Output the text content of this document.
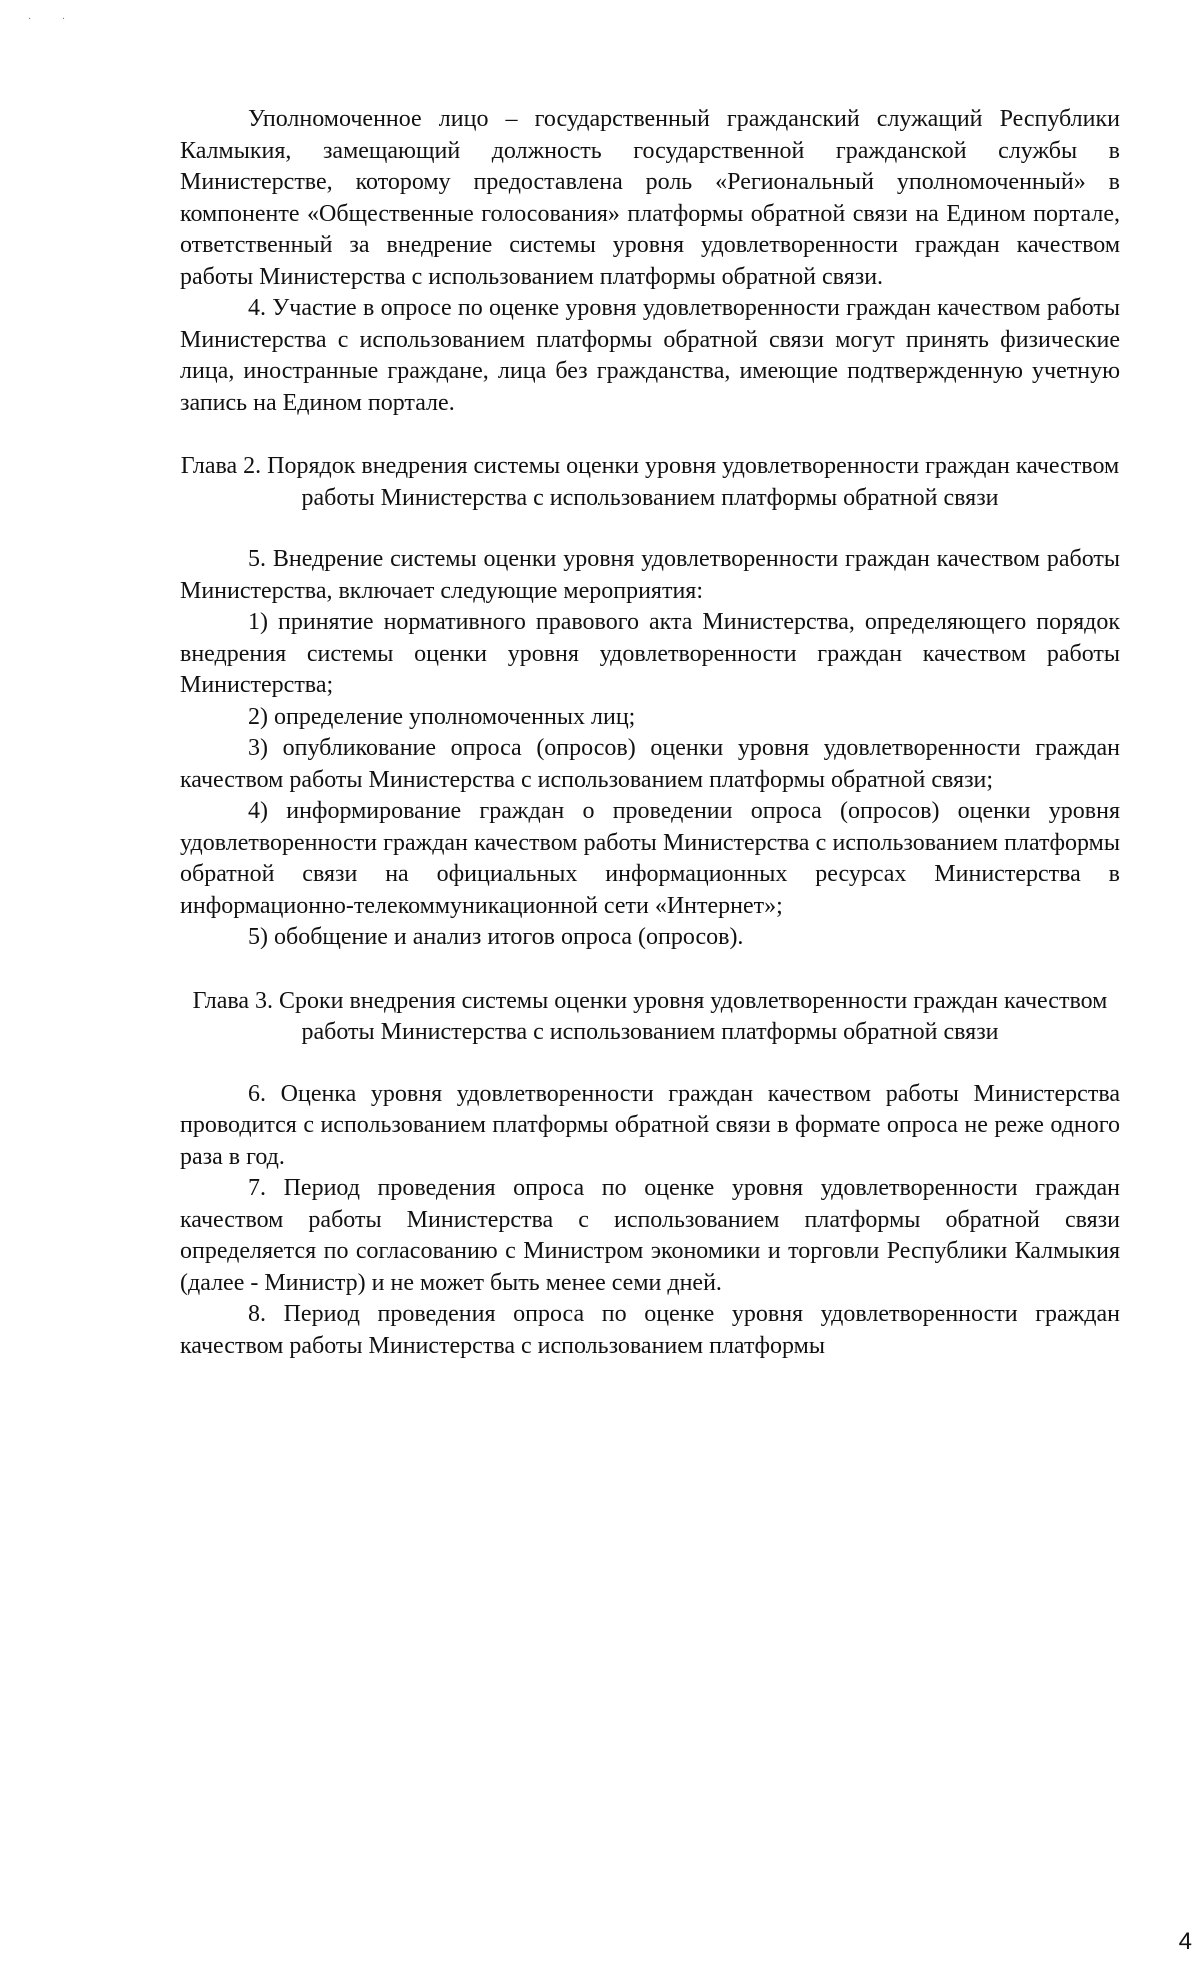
· ·

Уполномоченное лицо – государственный гражданский служащий Республики Калмыкия, замещающий должность государственной гражданской службы в Министерстве, которому предоставлена роль «Региональный уполномоченный» в компоненте «Общественные голосования» платформы обратной связи на Едином портале, ответственный за внедрение системы уровня удовлетворенности граждан качеством работы Министерства с использованием платформы обратной связи.

4. Участие в опросе по оценке уровня удовлетворенности граждан качеством работы Министерства с использованием платформы обратной связи могут принять физические лица, иностранные граждане, лица без гражданства, имеющие подтвержденную учетную запись на Едином портале.

Глава 2. Порядок внедрения системы оценки уровня удовлетворенности граждан качеством работы Министерства с использованием платформы обратной связи

5. Внедрение системы оценки уровня удовлетворенности граждан качеством работы Министерства, включает следующие мероприятия:

1) принятие нормативного правового акта Министерства, определяющего порядок внедрения системы оценки уровня удовлетворенности граждан качеством работы Министерства;

2) определение уполномоченных лиц;

3) опубликование опроса (опросов) оценки уровня удовлетворенности граждан качеством работы Министерства с использованием платформы обратной связи;

4) информирование граждан о проведении опроса (опросов) оценки уровня удовлетворенности граждан качеством работы Министерства с использованием платформы обратной связи на официальных информационных ресурсах Министерства в информационно-телекоммуникационной сети «Интернет»;

5) обобщение и анализ итогов опроса (опросов).

Глава 3. Сроки внедрения системы оценки уровня удовлетворенности граждан качеством работы Министерства с использованием платформы обратной связи

6. Оценка уровня удовлетворенности граждан качеством работы Министерства проводится с использованием платформы обратной связи в формате опроса не реже одного раза в год.

7. Период проведения опроса по оценке уровня удовлетворенности граждан качеством работы Министерства с использованием платформы обратной связи определяется по согласованию с Министром экономики и торговли Республики Калмыкия (далее - Министр) и не может быть менее семи дней.

8. Период проведения опроса по оценке уровня удовлетворенности граждан качеством работы Министерства с использованием платформы

4
